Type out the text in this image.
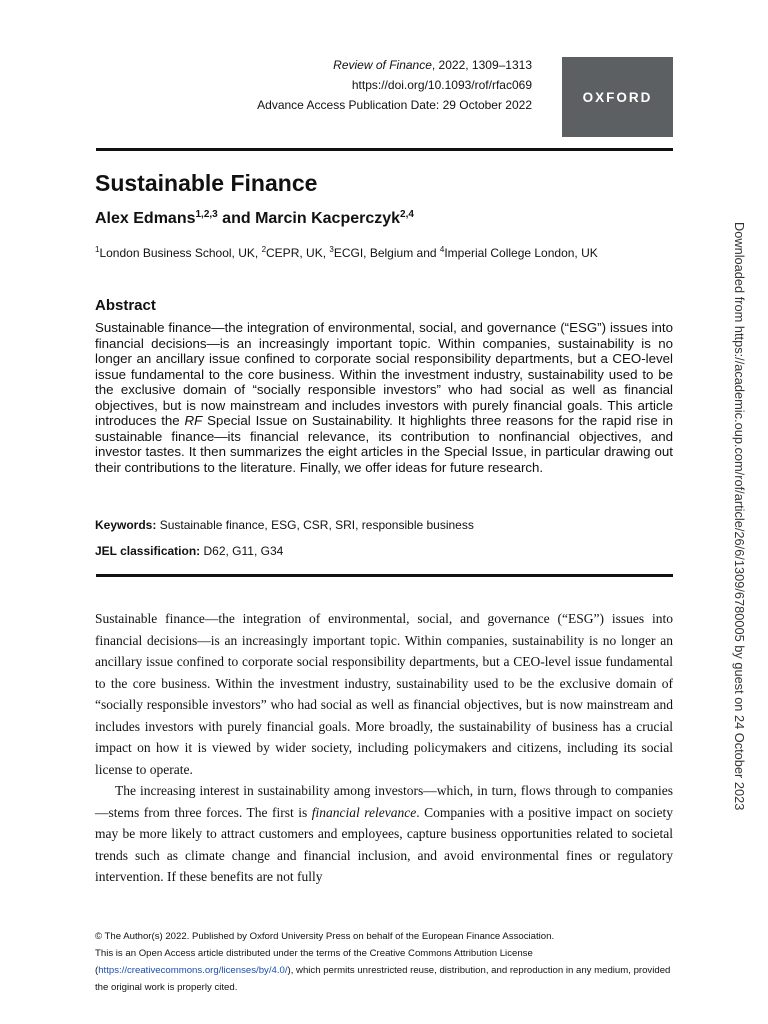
Review of Finance, 2022, 1309–1313
https://doi.org/10.1093/rof/rfac069
Advance Access Publication Date: 29 October 2022
OXFORD
Sustainable Finance
Alex Edmans$^{1,2,3}$ and Marcin Kacperczyk$^{2,4}$
$^1$London Business School, UK, $^2$CEPR, UK, $^3$ECGI, Belgium and $^4$Imperial College London, UK
Abstract

Sustainable finance—the integration of environmental, social, and governance (“ESG”) issues into financial decisions—is an increasingly important topic. Within companies, sustainability is no longer an ancillary issue confined to corporate social responsibility departments, but a CEO-level issue fundamental to the core business. Within the investment industry, sustainability used to be the exclusive domain of “socially responsible investors” who had social as well as financial objectives, but is now mainstream and includes investors with purely financial goals. This article introduces the RF Special Issue on Sustainability. It highlights three reasons for the rapid rise in sustainable finance—its financial relevance, its contribution to nonfinancial objectives, and investor tastes. It then summarizes the eight articles in the Special Issue, in particular drawing out their contributions to the literature. Finally, we offer ideas for future research.

Keywords: Sustainable finance, ESG, CSR, SRI, responsible business
JEL classification: D62, G11, G34

Sustainable finance—the integration of environmental, social, and governance (“ESG”) issues into financial decisions—is an increasingly important topic. Within companies, sustainability is no longer an ancillary issue confined to corporate social responsibility departments, but a CEO-level issue fundamental to the core business. Within the investment industry, sustainability used to be the exclusive domain of “socially responsible investors” who had social as well as financial objectives, but is now mainstream and includes investors with purely financial goals. More broadly, the sustainability of business has a crucial impact on how it is viewed by wider society, including policymakers and citizens, including its social license to operate.

The increasing interest in sustainability among investors—which, in turn, flows through to companies—stems from three forces. The first is financial relevance. Companies with a positive impact on society may be more likely to attract customers and employees, capture business opportunities related to societal trends such as climate change and financial inclusion, and avoid environmental fines or regulatory intervention. If these benefits are not fully

© The Author(s) 2022. Published by Oxford University Press on behalf of the European Finance Association.
This is an Open Access article distributed under the terms of the Creative Commons Attribution License (https://creativecommons.org/licenses/by/4.0/), which permits unrestricted reuse, distribution, and reproduction in any medium, provided the original work is properly cited.
Downloaded from https://academic.oup.com/rof/article/26/6/1309/6780005 by guest on 24 October 2023
